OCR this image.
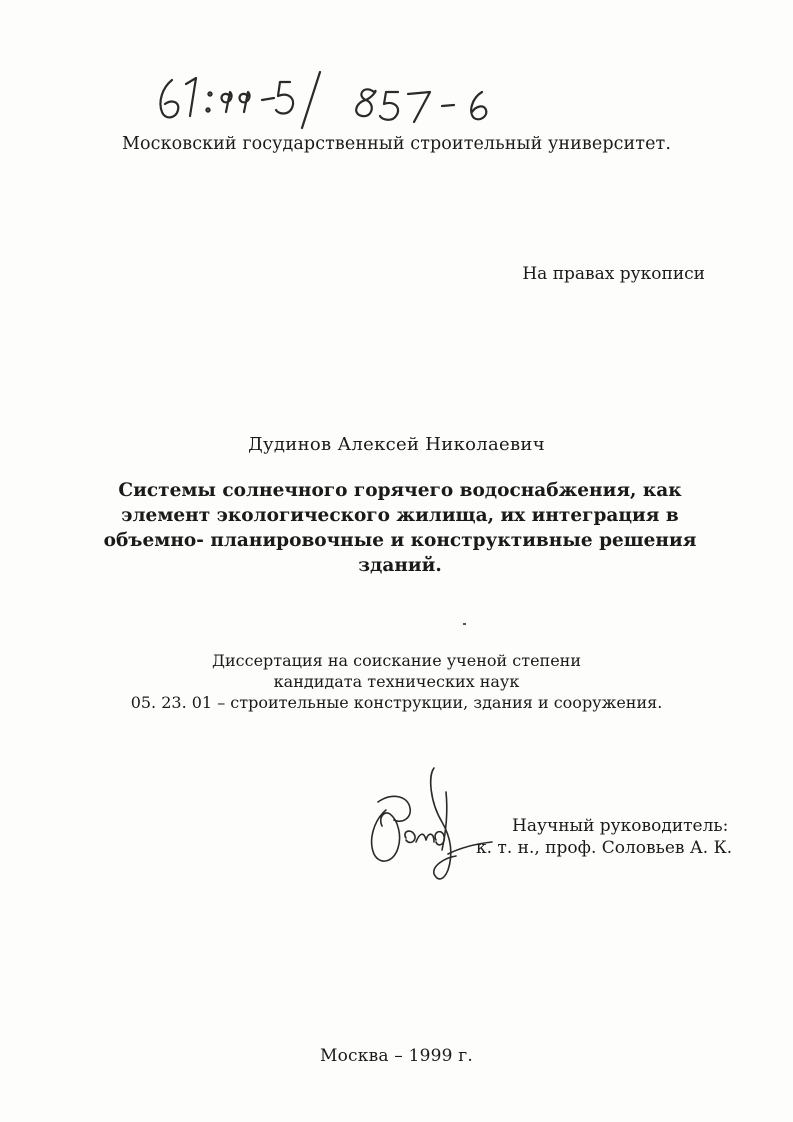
Московский государственный строительный университет.
На правах рукописи
Дудинов Алексей Николаевич
Системы солнечного горячего водоснабжения, как
элемент экологического жилища, их интеграция в
объемно- планировочные и конструктивные решения
зданий.
Диссертация на соискание ученой степени
кандидата технических наук
05. 23. 01 – строительные конструкции, здания и сооружения.
Научный руководитель:
к. т. н., проф. Соловьев А. К.
Москва – 1999 г.
